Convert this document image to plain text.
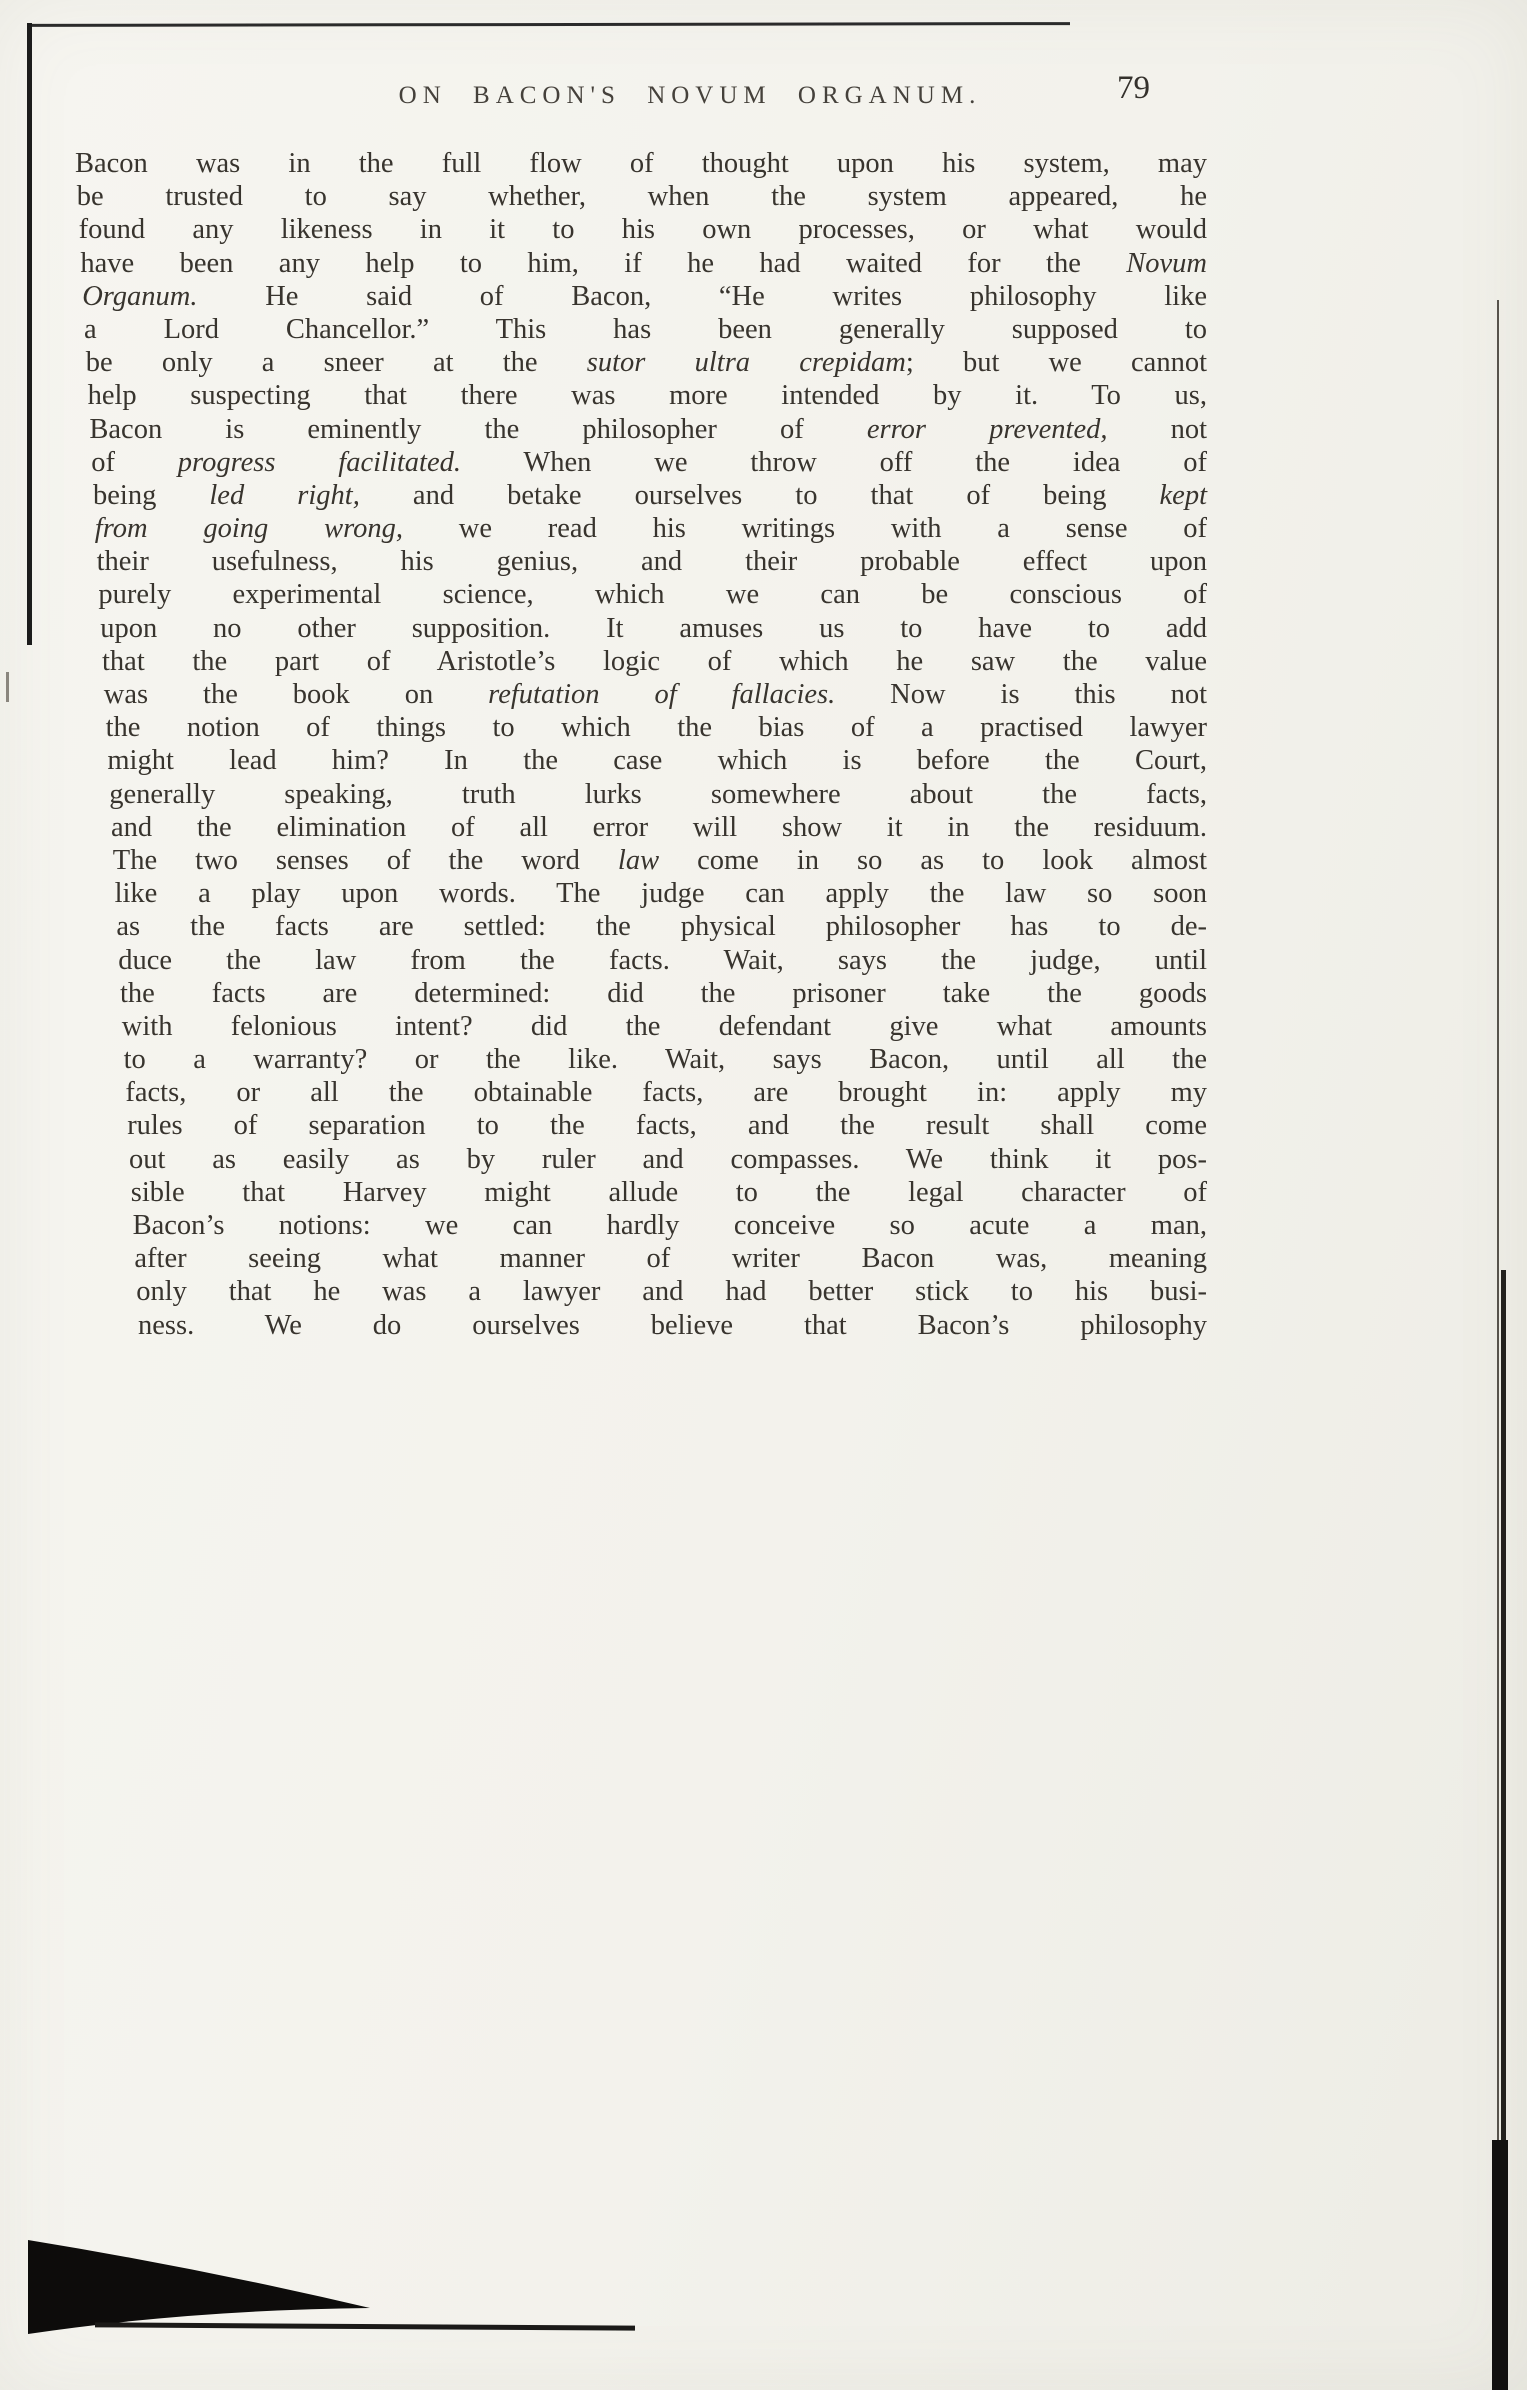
ON BACON'S NOVUM ORGANUM.	79
Bacon was in the full flow of thought upon his system, may
be trusted to say whether, when the system appeared, he
found any likeness in it to his own processes, or what would
have been any help to him, if he had waited for the Novum
Organum. He said of Bacon, “He writes philosophy like
a Lord Chancellor.” This has been generally supposed to
be only a sneer at the sutor ultra crepidam; but we cannot
help suspecting that there was more intended by it. To us,
Bacon is eminently the philosopher of error prevented, not
of progress facilitated. When we throw off the idea of
being led right, and betake ourselves to that of being kept
from going wrong, we read his writings with a sense of
their usefulness, his genius, and their probable effect upon
purely experimental science, which we can be conscious of
upon no other supposition. It amuses us to have to add
that the part of Aristotle’s logic of which he saw the value
was the book on refutation of fallacies. Now is this not
the notion of things to which the bias of a practised lawyer
might lead him? In the case which is before the Court,
generally speaking, truth lurks somewhere about the facts,
and the elimination of all error will show it in the residuum.
The two senses of the word law come in so as to look almost
like a play upon words. The judge can apply the law so soon
as the facts are settled: the physical philosopher has to de-
duce the law from the facts. Wait, says the judge, until
the facts are determined: did the prisoner take the goods
with felonious intent? did the defendant give what amounts
to a warranty? or the like. Wait, says Bacon, until all the
facts, or all the obtainable facts, are brought in: apply my
rules of separation to the facts, and the result shall come
out as easily as by ruler and compasses. We think it pos-
sible that Harvey might allude to the legal character of
Bacon’s notions: we can hardly conceive so acute a man,
after seeing what manner of writer Bacon was, meaning
only that he was a lawyer and had better stick to his busi-
ness. We do ourselves believe that Bacon’s philosophy
